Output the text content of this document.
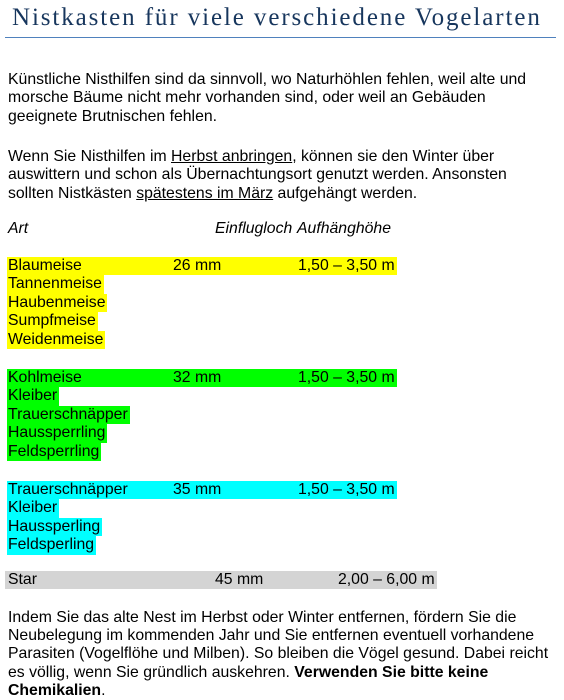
Nistkasten für viele verschiedene Vogelarten
Künstliche Nisthilfen sind da sinnvoll, wo Naturhöhlen fehlen, weil alte und
morsche Bäume nicht mehr vorhanden sind, oder weil an Gebäuden
geeignete Brutnischen fehlen.
Wenn Sie Nisthilfen im Herbst anbringen, können sie den Winter über
auswittern und schon als Übernachtungsort genutzt werden. Ansonsten
sollten Nistkästen spätestens im März aufgehängt werden.
Art	Einflugloch Aufhänghöhe
Blaumeise	26 mm	1,50 – 3,50 m
Tannenmeise
Haubenmeise
Sumpfmeise
Weidenmeise
Kohlmeise	32 mm	1,50 – 3,50 m
Kleiber
Trauerschnäpper
Haussperrling
Feldsperrling
Trauerschnäpper	35 mm	1,50 – 3,50 m
Kleiber
Haussperling
Feldsperling
Star	45 mm	2,00 – 6,00 m
Indem Sie das alte Nest im Herbst oder Winter entfernen, fördern Sie die
Neubelegung im kommenden Jahr und Sie entfernen eventuell vorhandene
Parasiten (Vogelflöhe und Milben). So bleiben die Vögel gesund. Dabei reicht
es völlig, wenn Sie gründlich auskehren. Verwenden Sie bitte keine
Chemikalien.
